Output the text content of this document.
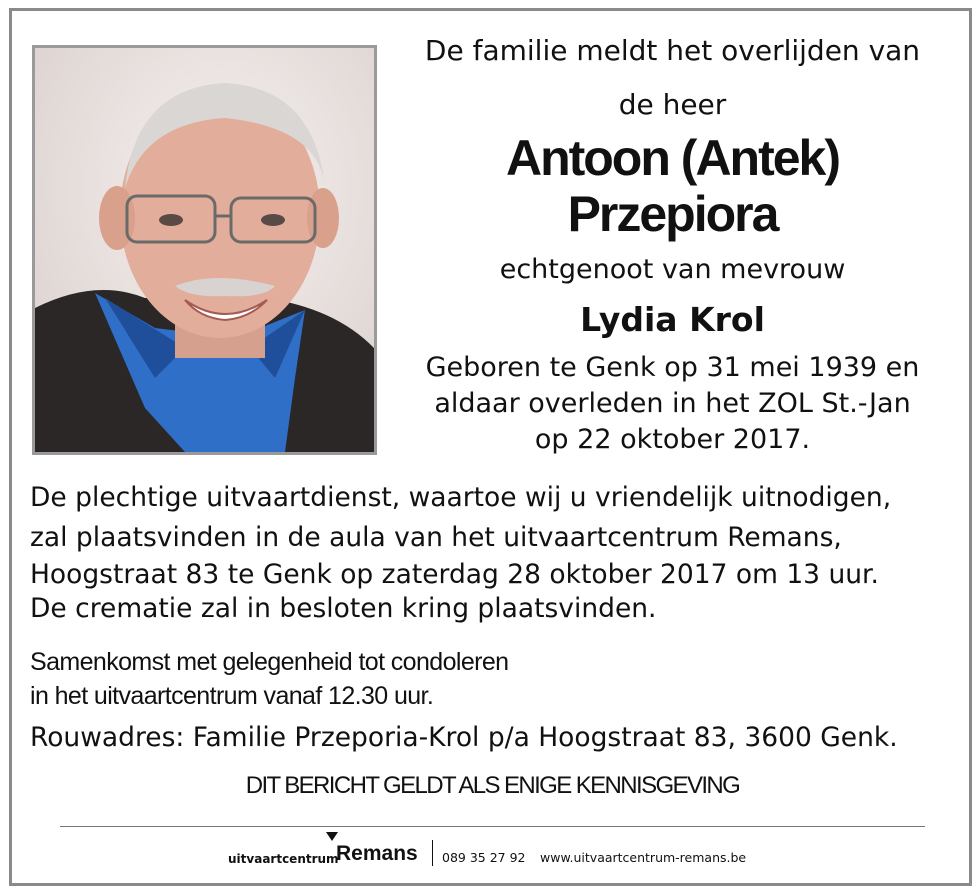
De familie meldt het overlijden van
de heer
Antoon (Antek)
Przepiora
echtgenoot van mevrouw
Lydia Krol
Geboren te Genk op 31 mei 1939 en
aldaar overleden in het ZOL St.-Jan
op 22 oktober 2017.
De plechtige uitvaartdienst, waartoe wij u vriendelijk uitnodigen,
zal plaatsvinden in de aula van het uitvaartcentrum Remans,
Hoogstraat 83 te Genk op zaterdag 28 oktober 2017 om 13 uur.
De crematie zal in besloten kring plaatsvinden.
Samenkomst met gelegenheid tot condoleren
in het uitvaartcentrum vanaf 12.30 uur.
Rouwadres: Familie Przeporia-Krol p/a Hoogstraat 83, 3600 Genk.
DIT BERICHT GELDT ALS ENIGE KENNISGEVING
uitvaartcentrum
Remans 089 35 27 92 www.uitvaartcentrum-remans.be
